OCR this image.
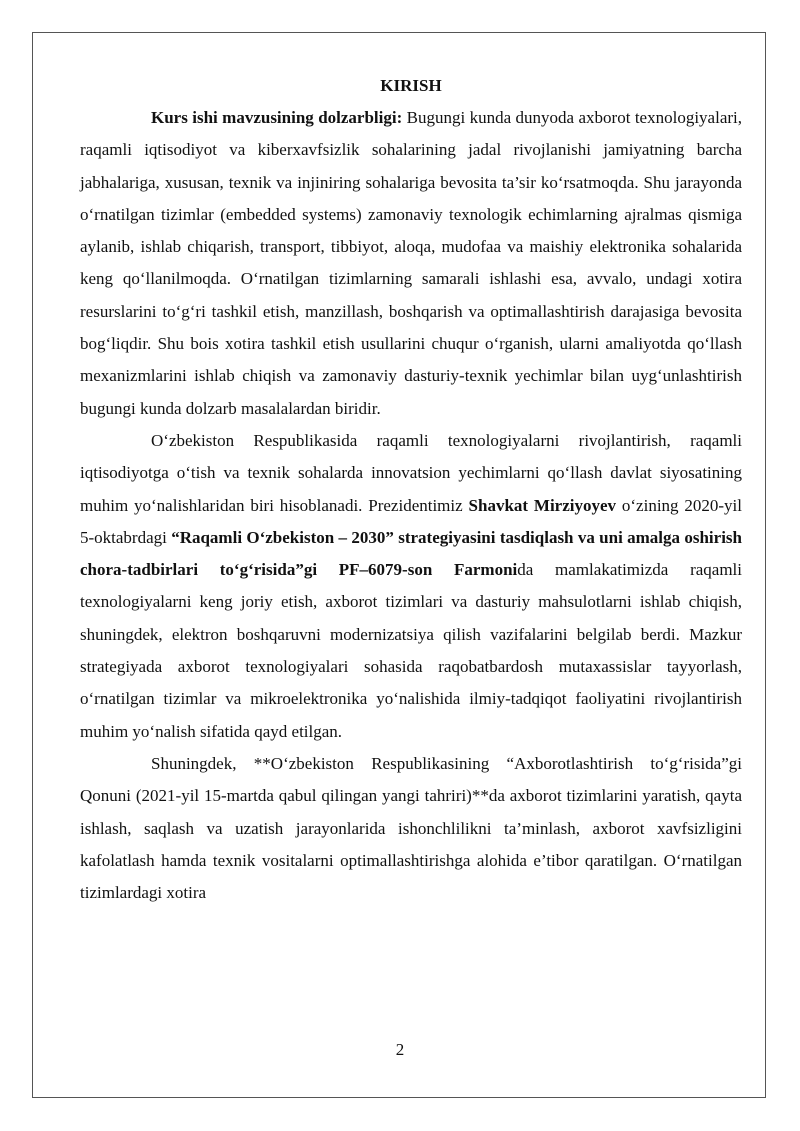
KIRISH

Kurs ishi mavzusining dolzarbligi: Bugungi kunda dunyoda axborot texnologiyalari, raqamli iqtisodiyot va kiberxavfsizlik sohalarining jadal rivojlanishi jamiyatning barcha jabhalariga, xususan, texnik va injiniring sohalariga bevosita ta’sir ko‘rsatmoqda. Shu jarayonda o‘rnatilgan tizimlar (embedded systems) zamonaviy texnologik echimlarning ajralmas qismiga aylanib, ishlab chiqarish, transport, tibbiyot, aloqa, mudofaa va maishiy elektronika sohalarida keng qo‘llanilmoqda. O‘rnatilgan tizimlarning samarali ishlashi esa, avvalo, undagi xotira resurslarini to‘g‘ri tashkil etish, manzillash, boshqarish va optimallashtirish darajasiga bevosita bog‘liqdir. Shu bois xotira tashkil etish usullarini chuqur o‘rganish, ularni amaliyotda qo‘llash mexanizmlarini ishlab chiqish va zamonaviy dasturiy-texnik yechimlar bilan uyg‘unlashtirish bugungi kunda dolzarb masalalardan biridir.

O‘zbekiston Respublikasida raqamli texnologiyalarni rivojlantirish, raqamli iqtisodiyotga o‘tish va texnik sohalarda innovatsion yechimlarni qo‘llash davlat siyosatining muhim yo‘nalishlaridan biri hisoblanadi. Prezidentimiz Shavkat Mirziyoyev o‘zining 2020-yil 5-oktabrdagi “Raqamli O‘zbekiston – 2030” strategiyasini tasdiqlash va uni amalga oshirish chora-tadbirlari to‘g‘risida”gi PF–6079-son Farmonida mamlakatimizda raqamli texnologiyalarni keng joriy etish, axborot tizimlari va dasturiy mahsulotlarni ishlab chiqish, shuningdek, elektron boshqaruvni modernizatsiya qilish vazifalarini belgilab berdi. Mazkur strategiyada axborot texnologiyalari sohasida raqobatbardosh mutaxassislar tayyorlash, o‘rnatilgan tizimlar va mikroelektronika yo‘nalishida ilmiy-tadqiqot faoliyatini rivojlantirish muhim yo‘nalish sifatida qayd etilgan.

Shuningdek, **O‘zbekiston Respublikasining “Axborotlashtirish to‘g‘risida”gi Qonuni (2021-yil 15-martda qabul qilingan yangi tahriri)**da axborot tizimlarini yaratish, qayta ishlash, saqlash va uzatish jarayonlarida ishonchlilikni ta’minlash, axborot xavfsizligini kafolatlash hamda texnik vositalarni optimallashtirishga alohida e’tibor qaratilgan. O‘rnatilgan tizimlardagi xotira

2
